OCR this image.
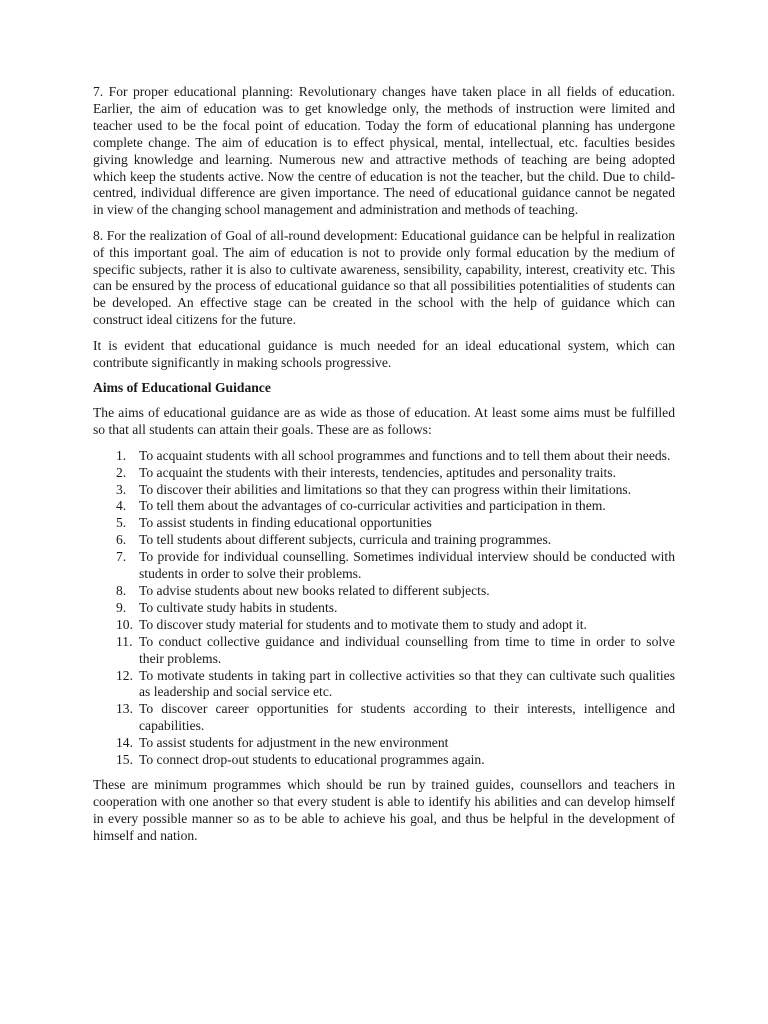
7. For proper educational planning: Revolutionary changes have taken place in all fields of education. Earlier, the aim of education was to get knowledge only, the methods of instruction were limited and teacher used to be the focal point of education. Today the form of educational planning has undergone complete change. The aim of education is to effect physical, mental, intellectual, etc. faculties besides giving knowledge and learning. Numerous new and attractive methods of teaching are being adopted which keep the students active. Now the centre of education is not the teacher, but the child. Due to child-centred, individual difference are given importance. The need of educational guidance cannot be negated in view of the changing school management and administration and methods of teaching.

8. For the realization of Goal of all-round development: Educational guidance can be helpful in realization of this important goal. The aim of education is not to provide only formal education by the medium of specific subjects, rather it is also to cultivate awareness, sensibility, capability, interest, creativity etc. This can be ensured by the process of educational guidance so that all possibilities potentialities of students can be developed. An effective stage can be created in the school with the help of guidance which can construct ideal citizens for the future.

It is evident that educational guidance is much needed for an ideal educational system, which can contribute significantly in making schools progressive.

Aims of Educational Guidance

The aims of educational guidance are as wide as those of education. At least some aims must be fulfilled so that all students can attain their goals. These are as follows:

1. To acquaint students with all school programmes and functions and to tell them about their needs.
2. To acquaint the students with their interests, tendencies, aptitudes and personality traits.
3. To discover their abilities and limitations so that they can progress within their limitations.
4. To tell them about the advantages of co-curricular activities and participation in them.
5. To assist students in finding educational opportunities
6. To tell students about different subjects, curricula and training programmes.
7. To provide for individual counselling. Sometimes individual interview should be conducted with students in order to solve their problems.
8. To advise students about new books related to different subjects.
9. To cultivate study habits in students.
10. To discover study material for students and to motivate them to study and adopt it.
11. To conduct collective guidance and individual counselling from time to time in order to solve their problems.
12. To motivate students in taking part in collective activities so that they can cultivate such qualities as leadership and social service etc.
13. To discover career opportunities for students according to their interests, intelligence and capabilities.
14. To assist students for adjustment in the new environment
15. To connect drop-out students to educational programmes again.

These are minimum programmes which should be run by trained guides, counsellors and teachers in cooperation with one another so that every student is able to identify his abilities and can develop himself in every possible manner so as to be able to achieve his goal, and thus be helpful in the development of himself and nation.
